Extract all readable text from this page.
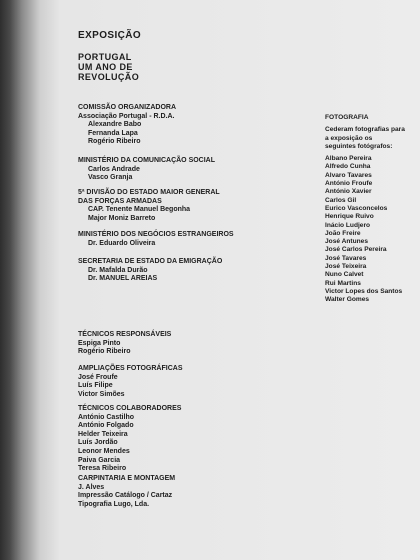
EXPOSIÇÃO
PORTUGAL
UM ANO DE
REVOLUÇÃO
COMISSÃO ORGANIZADORA
Associação Portugal - R.D.A.
Alexandre Babo
Fernanda Lapa
Rogério Ribeiro
MINISTÉRIO DA COMUNICAÇÃO SOCIAL
Carlos Andrade
Vasco Granja
5ª DIVISÃO DO ESTADO MAIOR GENERAL
DAS FORÇAS ARMADAS
CAP. Tenente Manuel Begonha
Major Moniz Barreto
MINISTÉRIO DOS NEGÓCIOS ESTRANGEIROS
Dr. Eduardo Oliveira
SECRETARIA DE ESTADO DA EMIGRAÇÃO
Dr. Mafalda Durão
Dr. MANUEL AREIAS
TÉCNICOS RESPONSÁVEIS
Espiga Pinto
Rogério Ribeiro
AMPLIAÇÕES FOTOGRÁFICAS
José Froufe
Luís Filipe
Victor Simões
TÉCNICOS COLABORADORES
António Castilho
António Folgado
Helder Teixeira
Luís Jordão
Leonor Mendes
Paiva Garcia
Teresa Ribeiro
CARPINTARIA E MONTAGEM
J. Alves
Impressão Catálogo / Cartaz
Tipografia Lugo, Lda.
FOTOGRAFIA
Cederam fotografias para
a exposição os
seguintes fotógrafos:
Albano Pereira
Alfredo Cunha
Alvaro Tavares
António Froufe
António Xavier
Carlos Gil
Eurico Vasconcelos
Henrique Ruivo
Inácio Ludjero
João Freire
José Antunes
José Carlos Pereira
José Tavares
José Teixeira
Nuno Calvet
Rui Martins
Victor Lopes dos Santos
Walter Gomes
